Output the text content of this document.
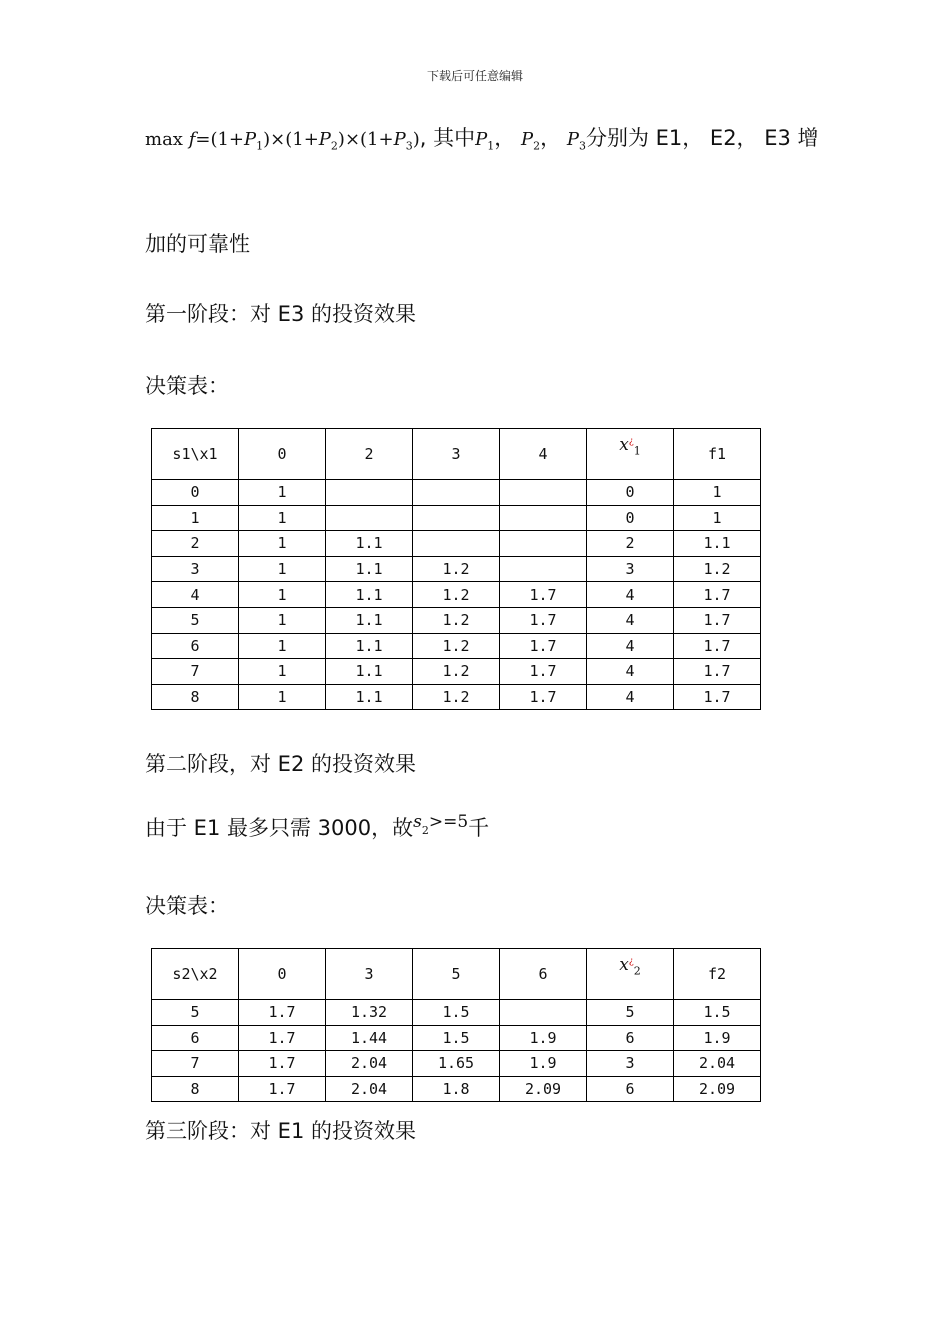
下载后可任意编辑
$\max f=(1+P_1)\times(1+P_2)\times(1+P_3)$, 其中$P_1$， $P_2$， $P_3$分别为 E1， E2， E3 增
加的可靠性
第一阶段：对 E3 的投资效果
决策表：
s1\x1	0	2	3	4	$x^¿_1$	f1
0	1				0	1
1	1				0	1
2	1	1.1			2	1.1
3	1	1.1	1.2		3	1.2
4	1	1.1	1.2	1.7	4	1.7
5	1	1.1	1.2	1.7	4	1.7
6	1	1.1	1.2	1.7	4	1.7
7	1	1.1	1.2	1.7	4	1.7
8	1	1.1	1.2	1.7	4	1.7
第二阶段，对 E2 的投资效果
由于 E1 最多只需 3000，故$^s_2^{>=5}$千
决策表：
s2\x2	0	3	5	6	$x^¿_2$	f2
5	1.7	1.32	1.5		5	1.5
6	1.7	1.44	1.5	1.9	6	1.9
7	1.7	2.04	1.65	1.9	3	2.04
8	1.7	2.04	1.8	2.09	6	2.09
第三阶段：对 E1 的投资效果
